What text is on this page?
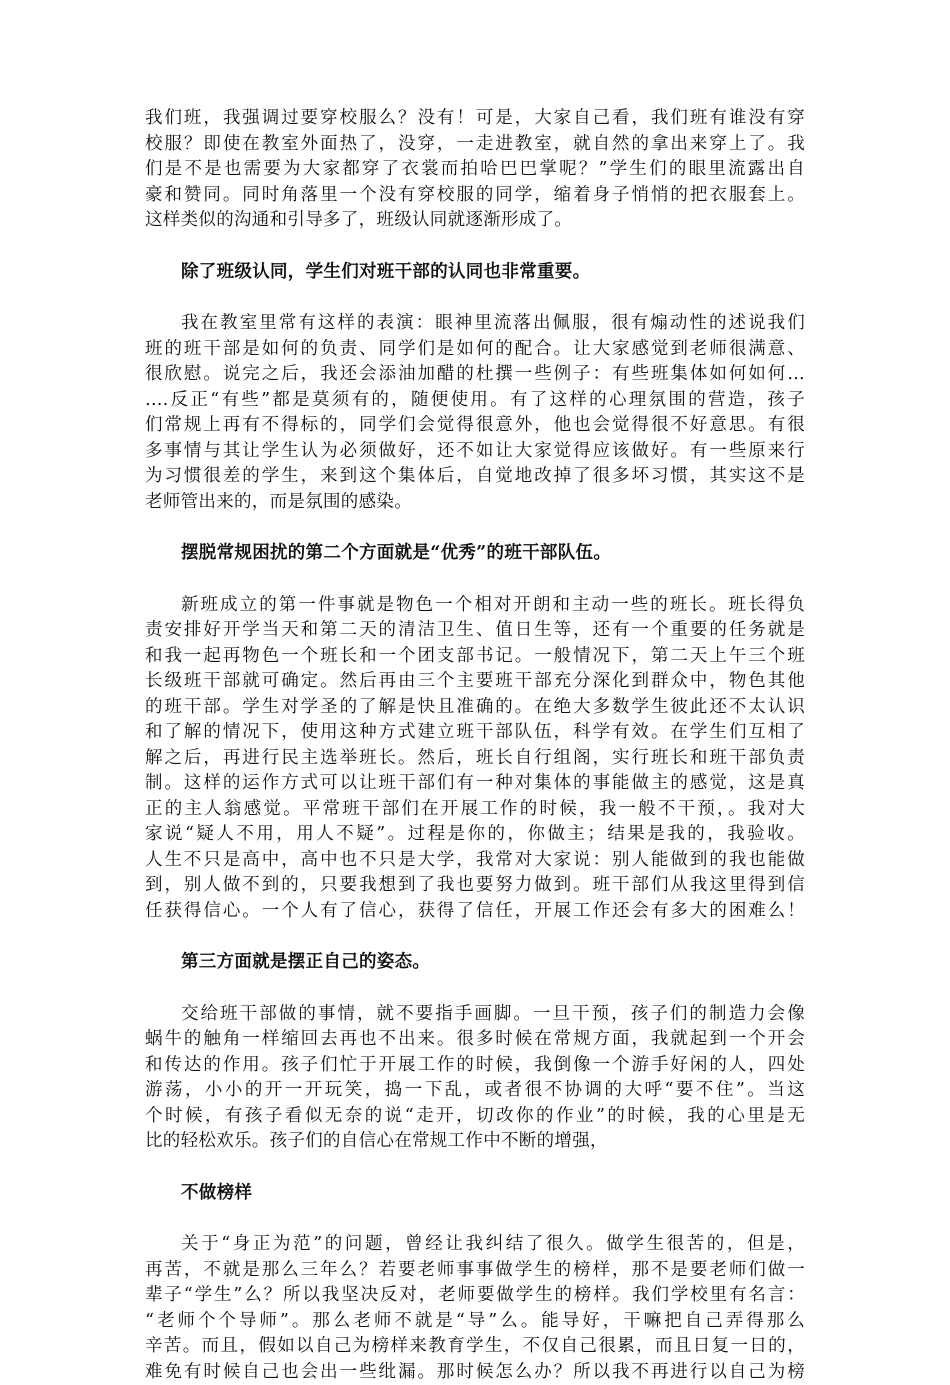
我们班，我强调过要穿校服么？没有！可是，大家自己看，我们班有谁没有穿
校服？即使在教室外面热了，没穿，一走进教室，就自然的拿出来穿上了。我
们是不是也需要为大家都穿了衣裳而拍哈巴巴掌呢？”学生们的眼里流露出自
豪和赞同。同时角落里一个没有穿校服的同学，缩着身子悄悄的把衣服套上。
这样类似的沟通和引导多了，班级认同就逐渐形成了。
除了班级认同，学生们对班干部的认同也非常重要。
我在教室里常有这样的表演：眼神里流落出佩服，很有煽动性的述说我们
班的班干部是如何的负责、同学们是如何的配合。让大家感觉到老师很满意、
很欣慰。说完之后，我还会添油加醋的杜撰一些例子：有些班集体如何如何…
….反正“有些”都是莫须有的，随便使用。有了这样的心理氛围的营造，孩子
们常规上再有不得标的，同学们会觉得很意外，他也会觉得很不好意思。有很
多事情与其让学生认为必须做好，还不如让大家觉得应该做好。有一些原来行
为习惯很差的学生，来到这个集体后，自觉地改掉了很多坏习惯，其实这不是
老师管出来的，而是氛围的感染。
摆脱常规困扰的第二个方面就是“优秀”的班干部队伍。
新班成立的第一件事就是物色一个相对开朗和主动一些的班长。班长得负
责安排好开学当天和第二天的清洁卫生、值日生等，还有一个重要的任务就是
和我一起再物色一个班长和一个团支部书记。一般情况下，第二天上午三个班
长级班干部就可确定。然后再由三个主要班干部充分深化到群众中，物色其他
的班干部。学生对学圣的了解是快且准确的。在绝大多数学生彼此还不太认识
和了解的情况下，使用这种方式建立班干部队伍，科学有效。在学生们互相了
解之后，再进行民主选举班长。然后，班长自行组阁，实行班长和班干部负责
制。这样的运作方式可以让班干部们有一种对集体的事能做主的感觉，这是真
正的主人翁感觉。平常班干部们在开展工作的时候，我一般不干预，。我对大
家说“疑人不用，用人不疑”。过程是你的，你做主；结果是我的，我验收。
人生不只是高中，高中也不只是大学，我常对大家说：别人能做到的我也能做
到，别人做不到的，只要我想到了我也要努力做到。班干部们从我这里得到信
任获得信心。一个人有了信心，获得了信任，开展工作还会有多大的困难么！
第三方面就是摆正自己的姿态。
交给班干部做的事情，就不要指手画脚。一旦干预，孩子们的制造力会像
蜗牛的触角一样缩回去再也不出来。很多时候在常规方面，我就起到一个开会
和传达的作用。孩子们忙于开展工作的时候，我倒像一个游手好闲的人，四处
游荡，小小的开一开玩笑，捣一下乱，或者很不协调的大呼“要不住”。当这
个时候，有孩子看似无奈的说“走开，切改你的作业”的时候，我的心里是无
比的轻松欢乐。孩子们的自信心在常规工作中不断的增强，
不做榜样
关于“身正为范”的问题，曾经让我纠结了很久。做学生很苦的，但是，
再苦，不就是那么三年么？若要老师事事做学生的榜样，那不是要老师们做一
辈子“学生”么？所以我坚决反对，老师要做学生的榜样。我们学校里有名言：
“老师个个导师”。那么老师不就是“导”么。能导好，干嘛把自己弄得那么
辛苦。而且，假如以自己为榜样来教育学生，不仅自己很累，而且日复一日的，
难免有时候自己也会出一些纰漏。那时候怎么办？所以我不再进行以自己为榜
